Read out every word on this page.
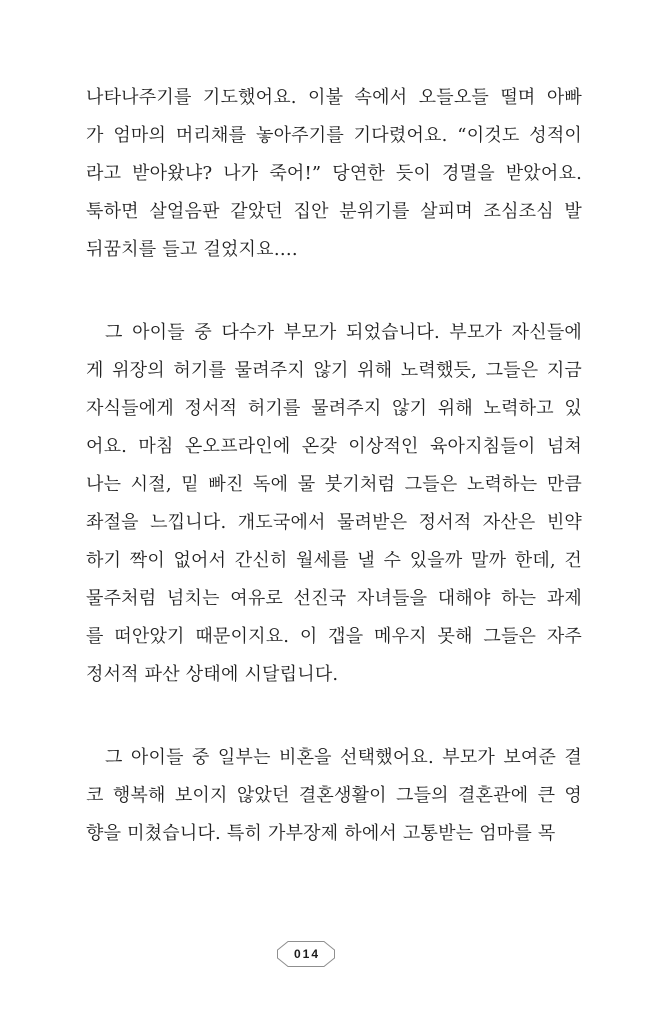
나타나주기를 기도했어요. 이불 속에서 오들오들 떨며 아빠
가 엄마의 머리채를 놓아주기를 기다렸어요. “이것도 성적이
라고 받아왔냐? 나가 죽어!” 당연한 듯이 경멸을 받았어요.
툭하면 살얼음판 같았던 집안 분위기를 살피며 조심조심 발
뒤꿈치를 들고 걸었지요….
그 아이들 중 다수가 부모가 되었습니다. 부모가 자신들에
게 위장의 허기를 물려주지 않기 위해 노력했듯, 그들은 지금
자식들에게 정서적 허기를 물려주지 않기 위해 노력하고 있
어요. 마침 온오프라인에 온갖 이상적인 육아지침들이 넘쳐
나는 시절, 밑 빠진 독에 물 붓기처럼 그들은 노력하는 만큼
좌절을 느낍니다. 개도국에서 물려받은 정서적 자산은 빈약
하기 짝이 없어서 간신히 월세를 낼 수 있을까 말까 한데, 건
물주처럼 넘치는 여유로 선진국 자녀들을 대해야 하는 과제
를 떠안았기 때문이지요. 이 갭을 메우지 못해 그들은 자주
정서적 파산 상태에 시달립니다.
그 아이들 중 일부는 비혼을 선택했어요. 부모가 보여준 결
코 행복해 보이지 않았던 결혼생활이 그들의 결혼관에 큰 영
향을 미쳤습니다. 특히 가부장제 하에서 고통받는 엄마를 목
014
